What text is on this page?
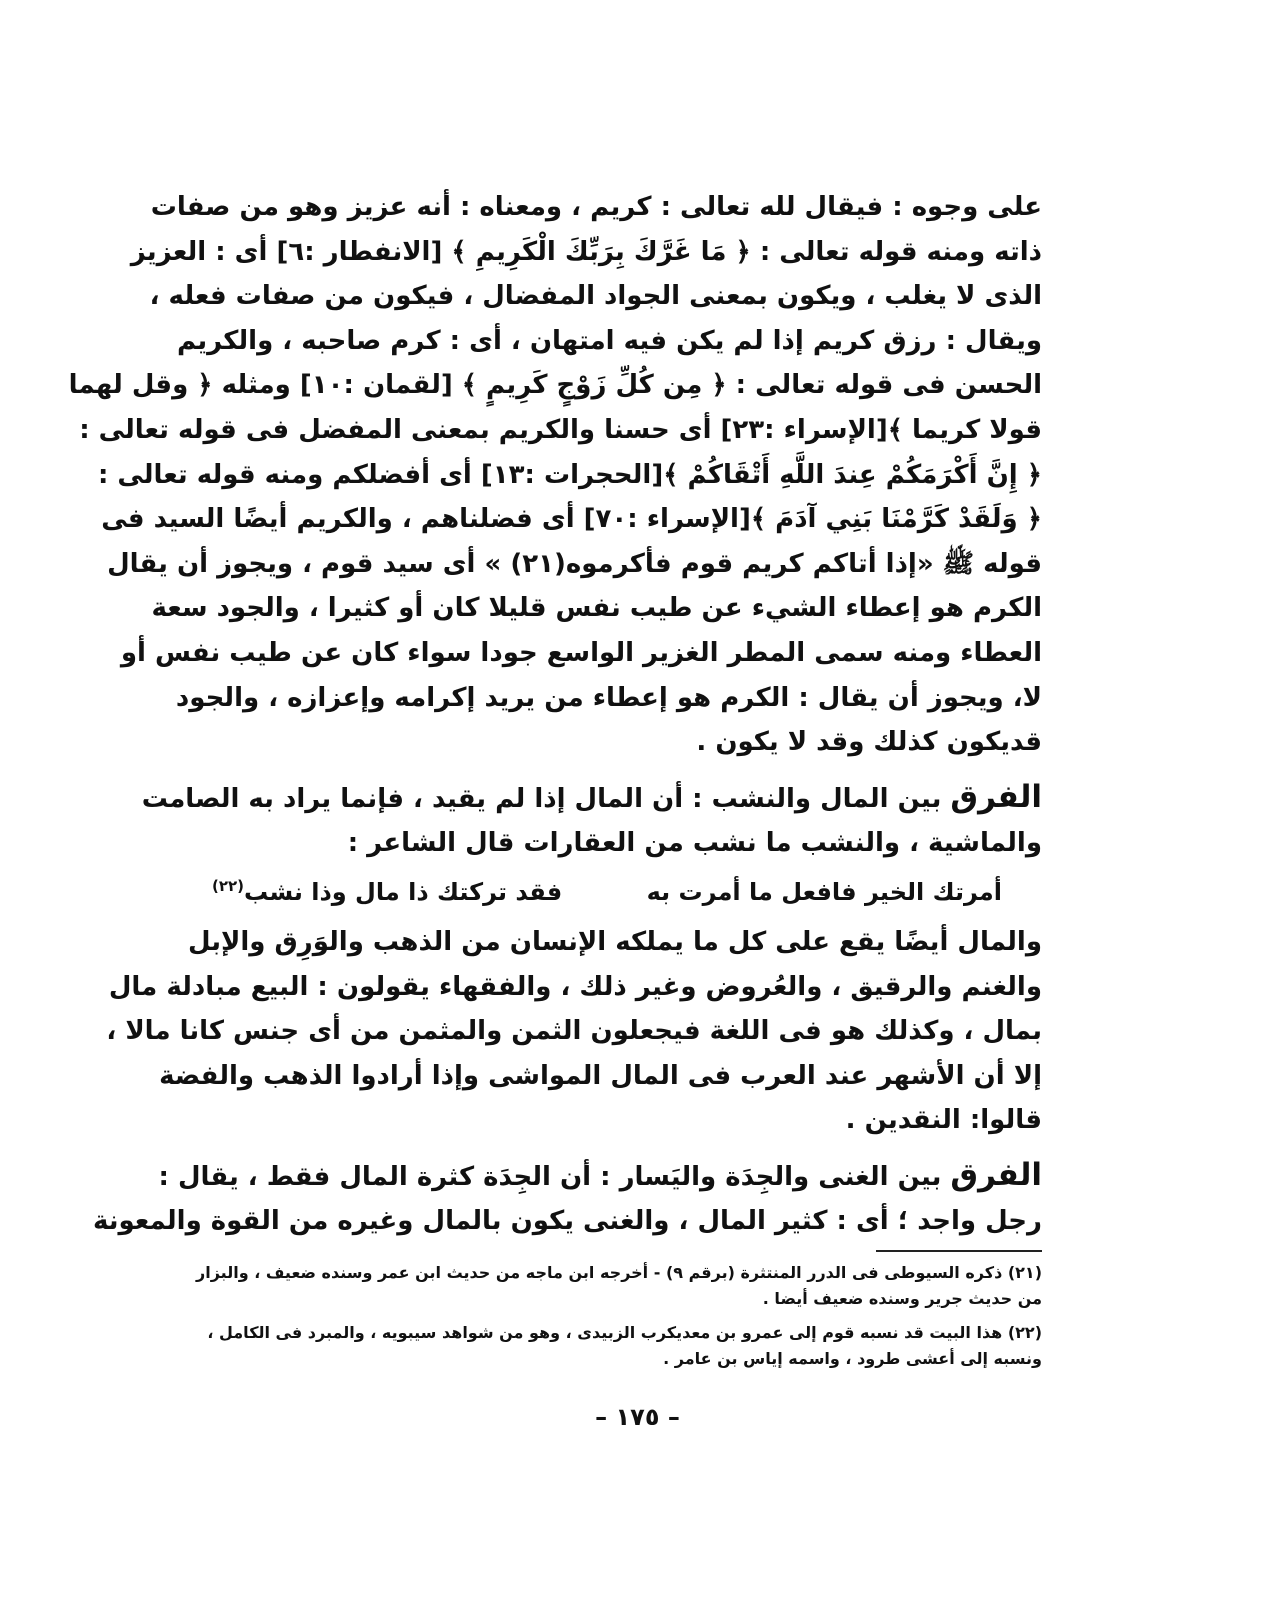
على وجوه : فيقال لله تعالى : كريم ، ومعناه : أنه عزيز وهو من صفات
ذاته ومنه قوله تعالى : ﴿ مَا غَرَّكَ بِرَبِّكَ الْكَرِيمِ ﴾ [الانفطار :٦] أى : العزيز
الذى لا يغلب ، ويكون بمعنى الجواد المفضال ، فيكون من صفات فعله ،
ويقال : رزق كريم إذا لم يكن فيه امتهان ، أى : كرم صاحبه ، والكريم
الحسن فى قوله تعالى : ﴿ مِن كُلِّ زَوْجٍ كَرِيمٍ ﴾ [لقمان :١٠] ومثله ﴿ وقل لهما
قولا كريما ﴾[الإسراء :٢٣] أى حسنا والكريم بمعنى المفضل فى قوله تعالى :
﴿ إِنَّ أَكْرَمَكُمْ عِندَ اللَّهِ أَتْقَاكُمْ ﴾[الحجرات :١٣] أى أفضلكم ومنه قوله تعالى :
﴿ وَلَقَدْ كَرَّمْنَا بَنِي آدَمَ ﴾[الإسراء :٧٠] أى فضلناهم ، والكريم أيضًا السيد فى
قوله ﷺ «إذا أتاكم كريم قوم فأكرموه(٢١) » أى سيد قوم ، ويجوز أن يقال
الكرم هو إعطاء الشيء عن طيب نفس قليلا كان أو كثيرا ، والجود سعة
العطاء ومنه سمى المطر الغزير الواسع جودا سواء كان عن طيب نفس أو
لا، ويجوز أن يقال : الكرم هو إعطاء من يريد إكرامه وإعزازه ، والجود
قديكون كذلك وقد لا يكون .
الفرق بين المال والنشب : أن المال إذا لم يقيد ، فإنما يراد به الصامت
والماشية ، والنشب ما نشب من العقارات قال الشاعر :
أمرتك الخير فافعل ما أمرت به
فقد تركتك ذا مال وذا نشب$^{(٢٢)}$
والمال أيضًا يقع على كل ما يملكه الإنسان من الذهب والوَرِق والإبل
والغنم والرقيق ، والعُروض وغير ذلك ، والفقهاء يقولون : البيع مبادلة مال
بمال ، وكذلك هو فى اللغة فيجعلون الثمن والمثمن من أى جنس كانا مالا ،
إلا أن الأشهر عند العرب فى المال المواشى وإذا أرادوا الذهب والفضة
قالوا: النقدين .
الفرق بين الغنى والجِدَة واليَسار : أن الجِدَة كثرة المال فقط ، يقال :
رجل واجد ؛ أى : كثير المال ، والغنى يكون بالمال وغيره من القوة والمعونة
(٢١) ذكره السيوطى فى الدرر المنتثرة (برقم ٩) - أخرجه ابن ماجه من حديث ابن عمر وسنده ضعيف ، والبزار
من حديث جرير وسنده ضعيف أيضا .
(٢٢) هذا البيت قد نسبه قوم إلى عمرو بن معديكرب الزبيدى ، وهو من شواهد سيبويه ، والمبرد فى الكامل ،
ونسبه إلى أعشى طرود ، واسمه إياس بن عامر .
– ١٧٥ –
